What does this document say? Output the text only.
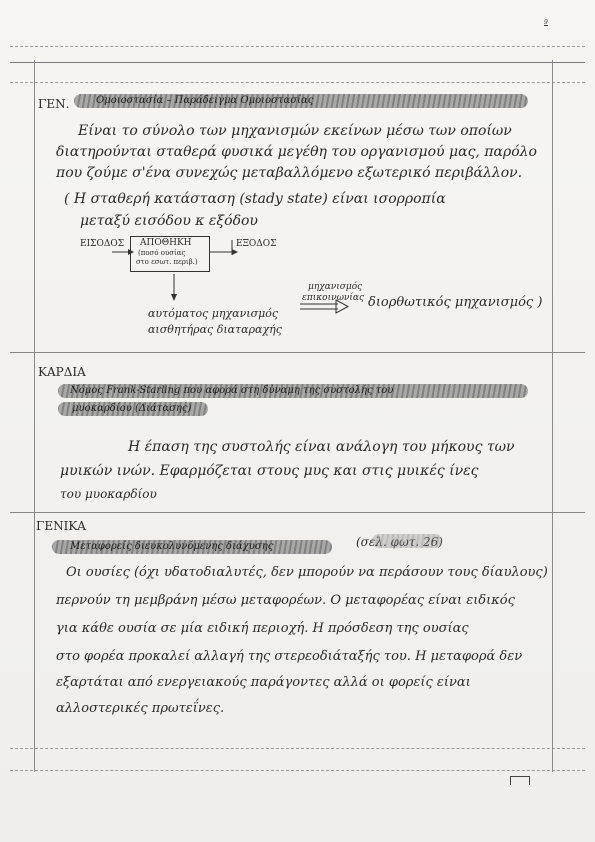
9
ΓΕΝ.	Ομοιοστασία – Παράδειγμα Ομοιοστασίας
Είναι το σύνολο των μηχανισμών εκείνων μέσω των οποίων
διατηρούνται σταθερά φυσικά μεγέθη του οργανισμού μας, παρόλο
που ζούμε σ'ένα συνεχώς μεταβαλλόμενο εξωτερικό περιβάλλον.
( Η σταθερή κατάσταση (stady state) είναι ισορροπία
μεταξύ εισόδου κ εξόδου
ΕΙΣΟΔΟΣ ΑΠΟΘΗΚΗ
(ποσό ουσίας
στο εσωτ. περιβ.)
ΕΞΟΔΟΣ
αυτόματος μηχανισμός
αισθητήρας διαταραχής
μηχανισμός
επικοινωνίας διορθωτικός μηχανισμός )
ΚΑΡΔΙΑ
Νόμος Frank-Starling που αφορά στη δύναμη της συστολής του
μυοκαρδίου (Διάτασης)
Η έπαση της συστολής είναι ανάλογη του μήκους των
μυικών ινών. Εφαρμόζεται στους μυς και στις μυικές ίνες
του μυοκαρδίου
ΓΕΝΙΚΑ
Μεταφορείς διευκολυνόμενης διάχυσης	(σελ. φωτ. 26)
Οι ουσίες (όχι υδατοδιαλυτές, δεν μπορούν να περάσουν τους δίαυλους)
περνούν τη μεμβράνη μέσω μεταφορέων. Ο μεταφορέας είναι ειδικός
για κάθε ουσία σε μία ειδική περιοχή. Η πρόσδεση της ουσίας
στο φορέα προκαλεί αλλαγή της στερεοδιάταξής του. Η μεταφορά δεν
εξαρτάται από ενεργειακούς παράγοντες αλλά οι φορείς είναι
αλλοστερικές πρωτεΐνες.
